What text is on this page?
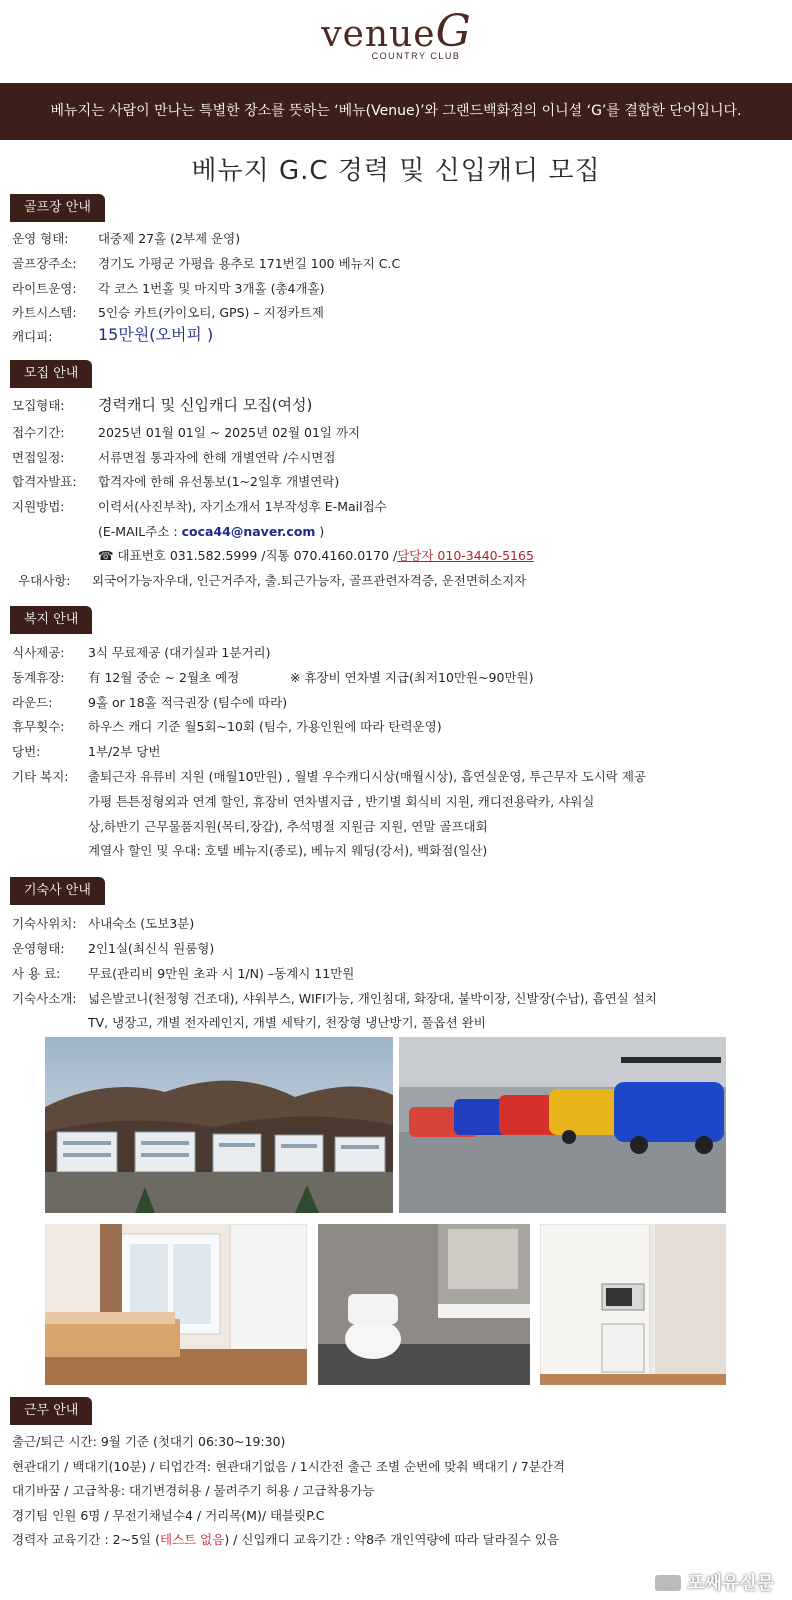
venueG
COUNTRY CLUB
베뉴지는 사람이 만나는 특별한 장소를 뜻하는 ‘베뉴(Venue)’와 그랜드백화점의 이니셜 ‘G’를 결합한 단어입니다.
베뉴지 G.C 경력 및 신입캐디 모집
골프장 안내
운영 형태: 대중제 27홀 (2부제 운영)
골프장주소: 경기도 가평군 가평읍 용추로 171번길 100 베뉴지 C.C
라이트운영: 각 코스 1번홀 및 마지막 3개홀 (총4개홀)
카트시스템: 5인승 카트(카이오티, GPS) – 지정카트제
캐디피:	15만원(오버피 )
모집 안내
모집형태: 경력캐디 및 신입캐디 모집(여성)
접수기간:	2025년 01월 01일 ~ 2025년 02월 01일 까지
면접일정:	서류면접 통과자에 한해 개별연락 /수시면접
합격자발표: 합격자에 한해 유선통보(1~2일후 개별연락)
지원방법:	이력서(사진부착), 자기소개서 1부작성후 E-Mail접수
(E-MAIL주소 : coca44@naver.com )
☎ 대표번호 031.582.5999 /직통 070.4160.0170 /담당자 010-3440-5165
우대사항: 외국어가능자우대, 인근거주자, 출.퇴근가능자, 골프관련자격증, 운전면허소지자
복지 안내
식사제공: 3식 무료제공 (대기실과 1분거리)
동계휴장: 有 12월 중순 ~ 2월초 예정	※ 휴장비 연차별 지급(최저10만원~90만원)
라운드:	9홀 or 18홀 적극권장 (팀수에 따라)
휴무횟수: 하우스 캐디 기준 월5회~10회 (팀수, 가용인원에 따라 탄력운영)
당번:	1부/2부 당번
기타 복지: 출퇴근자 유류비 지원 (매월10만원) , 월별 우수캐디시상(매월시상), 흡연실운영, 투근무자 도시락 제공
가평 튼튼정형외과 연계 할인, 휴장비 연차별지급 , 반기별 회식비 지원, 캐디전용락카, 샤워실
상,하반기 근무물품지원(목티,장갑), 추석명절 지원금 지원, 연말 골프대회
계열사 할인 및 우대: 호텔 베뉴지(종로), 베뉴지 웨딩(강서), 백화점(일산)
기숙사 안내
기숙사위치: 사내숙소 (도보3분)
운영형태: 2인1실(최신식 원룸형)
사 용 료: 무료(관리비 9만원 초과 시 1/N) –동계시 11만원
기숙사소개: 넓은발코니(천정형 건조대), 샤워부스, WIFI가능, 개인침대, 화장대, 붙박이장, 신발장(수납), 흡연실 설치
TV, 냉장고, 개별 전자레인지, 개별 세탁기, 천장형 냉난방기, 풀옵션 완비
근무 안내
출근/퇴근 시간: 9월 기준 (첫대기 06:30~19:30)
현관대기 / 백대기(10분) / 티업간격: 현관대기없음 / 1시간전 출근 조별 순번에 맞춰 백대기 / 7분간격
대기바꿈 / 고급착용: 대기변경허용 / 물려주기 허용 / 고급착용가능
경기팀 인원 6명 / 무전기채널수4 / 거리목(M)/ 태블릿P.C
경력자 교육기간 : 2~5일 (테스트 없음) / 신입캐디 교육기간 : 약8주 개인역량에 따라 달라질수 있음
포쌔유신문
